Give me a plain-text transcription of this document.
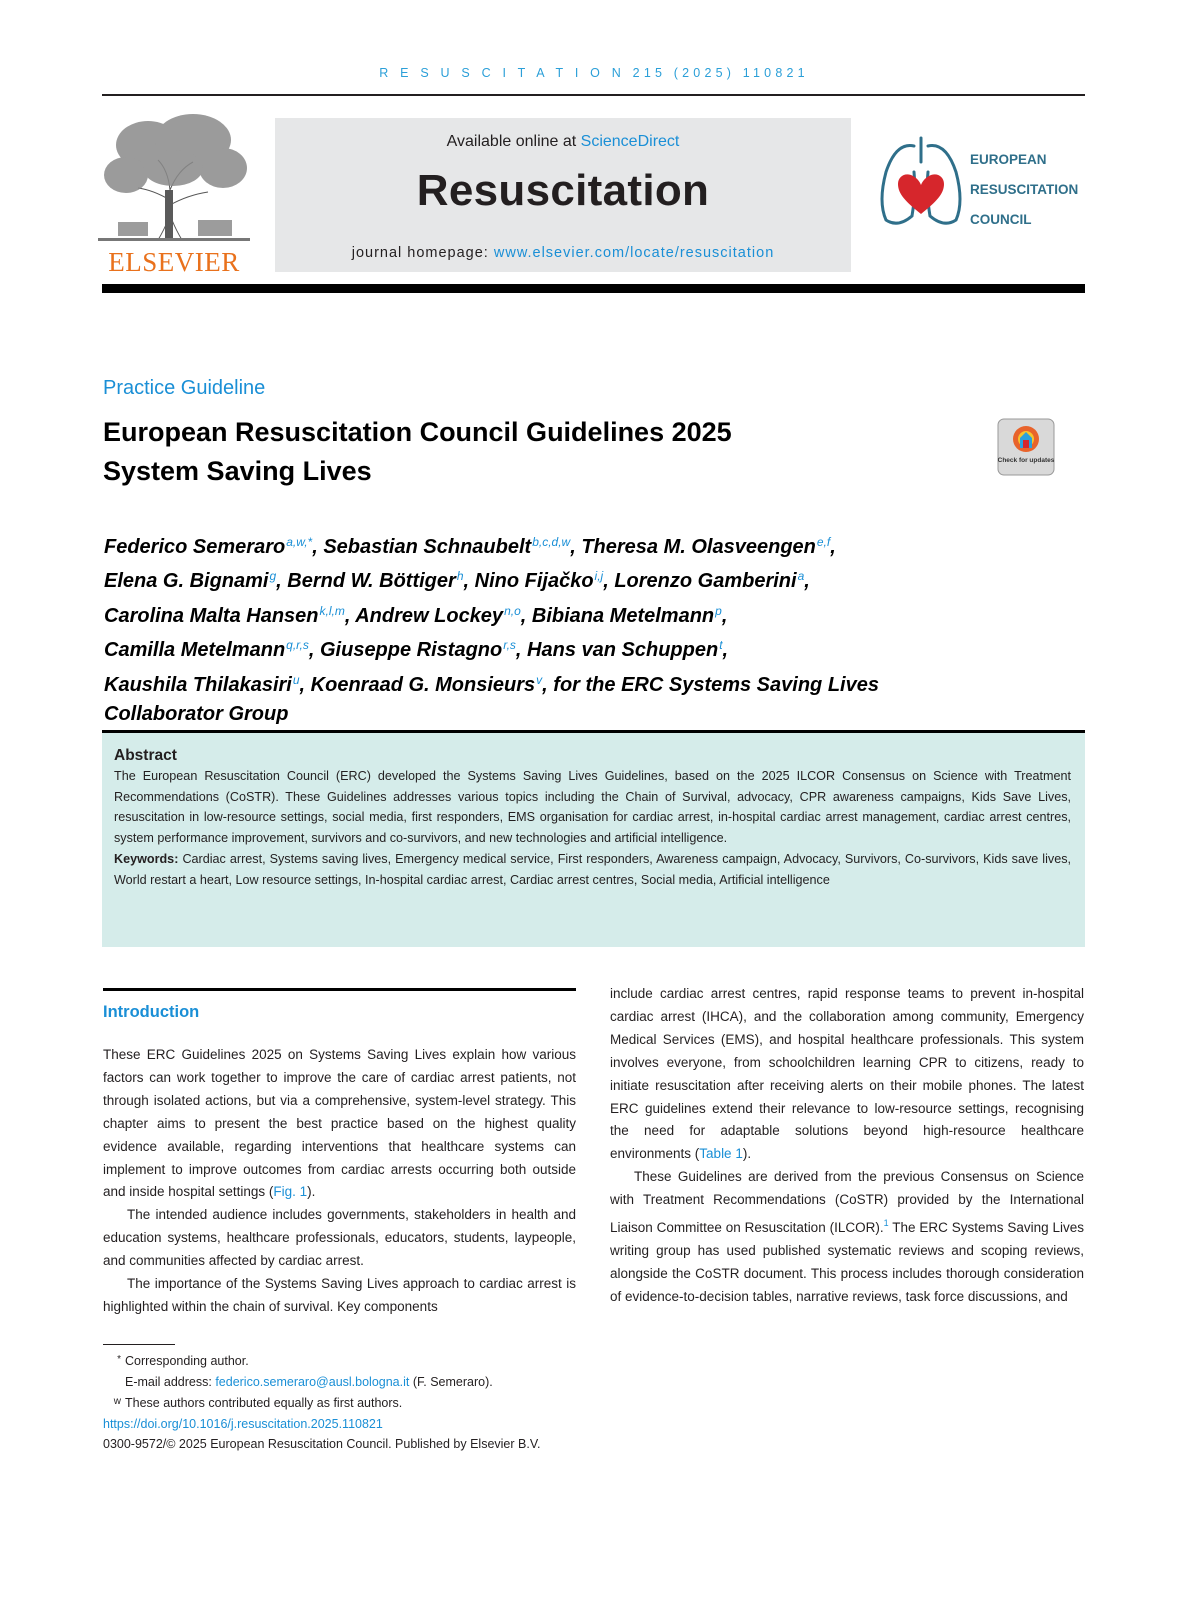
R E S U S C I T A T I O N 215 (2025) 110821
ELSEVIER
Available online at ScienceDirect
Resuscitation
journal homepage: www.elsevier.com/locate/resuscitation
EUROPEAN
RESUSCITATION
COUNCIL
Practice Guideline
European Resuscitation Council Guidelines 2025
System Saving Lives	Check for updates
Federico Semeraro$^{a,w,*}$, Sebastian Schnaubelt$^{b,c,d,w}$, Theresa M. Olasveengen$^{e,f}$,
Elena G. Bignami$^g$, Bernd W. Böttiger$^h$, Nino Fijačko$^{i,j}$, Lorenzo Gamberini$^a$,
Carolina Malta Hansen$^{k,l,m}$, Andrew Lockey$^{n,o}$, Bibiana Metelmann$^p$,
Camilla Metelmann$^{q,r,s}$, Giuseppe Ristagno$^{r,s}$, Hans van Schuppen$^t$,
Kaushila Thilakasiri$^u$, Koenraad G. Monsieurs$^v$, for the ERC Systems Saving Lives
Collaborator Group
Abstract
The European Resuscitation Council (ERC) developed the Systems Saving Lives Guidelines, based on the 2025 ILCOR Consensus on Science with Treatment Recommendations (CoSTR). These Guidelines addresses various topics including the Chain of Survival, advocacy, CPR awareness campaigns, Kids Save Lives, resuscitation in low-resource settings, social media, first responders, EMS organisation for cardiac arrest, in-hospital cardiac arrest management, cardiac arrest centres, system performance improvement, survivors and co-survivors, and new technologies and artificial intelligence.
Keywords: Cardiac arrest, Systems saving lives, Emergency medical service, First responders, Awareness campaign, Advocacy, Survivors, Co-survivors, Kids save lives, World restart a heart, Low resource settings, In-hospital cardiac arrest, Cardiac arrest centres, Social media, Artificial intelligence
Introduction

These ERC Guidelines 2025 on Systems Saving Lives explain how various factors can work together to improve the care of cardiac arrest patients, not through isolated actions, but via a comprehensive, system-level strategy. This chapter aims to present the best practice based on the highest quality evidence available, regarding interventions that healthcare systems can implement to improve outcomes from cardiac arrests occurring both outside and inside hospital settings (Fig. 1).

The intended audience includes governments, stakeholders in health and education systems, healthcare professionals, educators, students, laypeople, and communities affected by cardiac arrest.

The importance of the Systems Saving Lives approach to cardiac arrest is highlighted within the chain of survival. Key components

include cardiac arrest centres, rapid response teams to prevent in-hospital cardiac arrest (IHCA), and the collaboration among community, Emergency Medical Services (EMS), and hospital healthcare professionals. This system involves everyone, from schoolchildren learning CPR to citizens, ready to initiate resuscitation after receiving alerts on their mobile phones. The latest ERC guidelines extend their relevance to low-resource settings, recognising the need for adaptable solutions beyond high-resource healthcare environments (Table 1).

These Guidelines are derived from the previous Consensus on Science with Treatment Recommendations (CoSTR) provided by the International Liaison Committee on Resuscitation (ILCOR).$^1$ The ERC Systems Saving Lives writing group has used published systematic reviews and scoping reviews, alongside the CoSTR document. This process includes thorough consideration of evidence-to-decision tables, narrative reviews, task force discussions, and

* Corresponding author.
E-mail address: federico.semeraro@ausl.bologna.it (F. Semeraro).
w These authors contributed equally as first authors.
https://doi.org/10.1016/j.resuscitation.2025.110821
0300-9572/© 2025 European Resuscitation Council. Published by Elsevier B.V.
